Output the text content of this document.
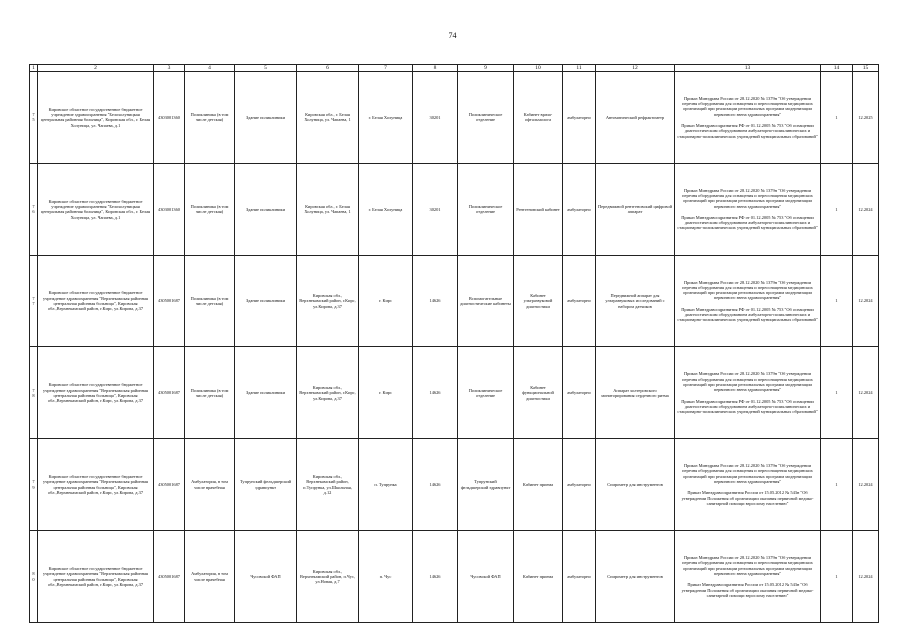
74
1	2	3	4	5	6	7	8	9	10	11	12	13	14	15
75	Кировское областное государственное бюджетное учреждение здравоохранения "Белохолуницкая центральная районная больница", Кировская обл., г. Белая Холуница, ул. Чапаева, д.1	4303001360	Поликлиника (в том числе детская)	Здание поликлиники	Кировская обл., г. Белая Холуница, ул. Чапаева, 1	г. Белая Холуница	30201	Поликлиническое отделение	Кабинет врача-офтальмолога	амбулаторно	Автоматический рефрактометр	Приказ Минздрава России от 28.12.2020 № 1379н "Об утверждении перечня оборудования для оснащения и переоснащения медицинских организаций при реализации региональных программ модернизации первичного звена здравоохранения"

Приказ Минздравсоцразвития РФ от 01.12.2005 № 753 "Об оснащении диагностическим оборудованием амбулаторно-поликлинических и стационарно-поликлинических учреждений муниципальных образований"	1	12.2025
76	Кировское областное государственное бюджетное учреждение здравоохранения "Белохолуницкая центральная районная больница", Кировская обл., г. Белая Холуница, ул. Чапаева, д.1	4303001360	Поликлиника (в том числе детская)	Здание поликлиники	Кировская обл., г. Белая Холуница, ул. Чапаева, 1	г. Белая Холуница	30201	Поликлиническое отделение	Рентгеновский кабинет	амбулаторно	Передвижной рентгеновский цифровой аппарат	Приказ Минздрава России от 28.12.2020 № 1379н "Об утверждении перечня оборудования для оснащения и переоснащения медицинских организаций при реализации региональных программ модернизации первичного звена здравоохранения"

Приказ Минздравсоцразвития РФ от 01.12.2005 № 753 "Об оснащении диагностическим оборудованием амбулаторно-поликлинических и стационарно-поликлинических учреждений муниципальных образований"	1	12.2024
77	Кировское областное государственное бюджетное учреждение здравоохранения "Верхнекамская районная центральная районная больница", Кировская обл.,Верхнекамский район, г.Кирс, ул.Кирова, д.37	4305001687	Поликлиника (в том числе детская)	Здание поликлиники	Кировская обл., Верхнекамский район, г.Кирс, ул.Кирова, д.37	г. Кирс	14626	Вспомогательные диагностические кабинеты	Кабинет ультразвуковой диагностики	амбулаторно	Передвижной аппарат для ультразвуковых исследований с набором датчиков	Приказ Минздрава России от 28.12.2020 № 1379н "Об утверждении перечня оборудования для оснащения и переоснащения медицинских организаций при реализации региональных программ модернизации первичного звена здравоохранения"

Приказ Минздравсоцразвития РФ от 01.12.2005 № 753 "Об оснащении диагностическим оборудованием амбулаторно-поликлинических и стационарно-поликлинических учреждений муниципальных образований"	1	12.2024
78	Кировское областное государственное бюджетное учреждение здравоохранения "Верхнекамская районная центральная районная больница", Кировская обл.,Верхнекамский район, г.Кирс, ул.Кирова, д.37	4305001687	Поликлиника (в том числе детская)	Здание поликлиники	Кировская обл., Верхнекамский район, г.Кирс, ул.Кирова, д.37	г. Кирс	14626	Поликлиническое отделение	Кабинет функциональной диагностики	амбулаторно	Аппарат холтеровского мониторирования сердечного ритма	Приказ Минздрава России от 28.12.2020 № 1379н "Об утверждении перечня оборудования для оснащения и переоснащения медицинских организаций при реализации региональных программ модернизации первичного звена здравоохранения"

Приказ Минздравсоцразвития РФ от 01.12.2005 № 753 "Об оснащении диагностическим оборудованием амбулаторно-поликлинических и стационарно-поликлинических учреждений муниципальных образований"	1	12.2024
79	Кировское областное государственное бюджетное учреждение здравоохранения "Верхнекамская районная центральная районная больница", Кировская обл.,Верхнекамский район, г.Кирс, ул.Кирова, д.37	4305001687	Амбулатория, в том числе врачебная	Тупрунский фельдшерский здравпункт	Кировская обл., Верхнекамский район, п.Тупрунка, ул.Школьная, д.12	п. Тупрунка	14626	Тупрунский фельдшерский здравпункт	Кабинет приема	амбулаторно	Спирометр для инструментов	Приказ Минздрава России от 28.12.2020 № 1379н "Об утверждении перечня оборудования для оснащения и переоснащения медицинских организаций при реализации региональных программ модернизации первичного звена здравоохранения"

Приказ Минздравсоцразвития России от 15.05.2012 № 543н "Об утверждении Положения об организации оказания первичной медико-санитарной помощи взрослому населению"	1	12.2024
80	Кировское областное государственное бюджетное учреждение здравоохранения "Верхнекамская районная центральная районная больница", Кировская обл.,Верхнекамский район, г.Кирс, ул.Кирова, д.37	4305001687	Амбулатория, в том числе врачебная	Чусовской ФАП	Кировская обл., Верхнекамский район, п.Чус, ул.Новая, д.7	п. Чус	14626	Чусовской ФАП	Кабинет приема	амбулаторно	Спирометр для инструментов	Приказ Минздрава России от 28.12.2020 № 1379н "Об утверждении перечня оборудования для оснащения и переоснащения медицинских организаций при реализации региональных программ модернизации первичного звена здравоохранения"

Приказ Минздравсоцразвития России от 15.05.2012 № 543н "Об утверждении Положения об организации оказания первичной медико-санитарной помощи взрослому населению"	1	12.2024
